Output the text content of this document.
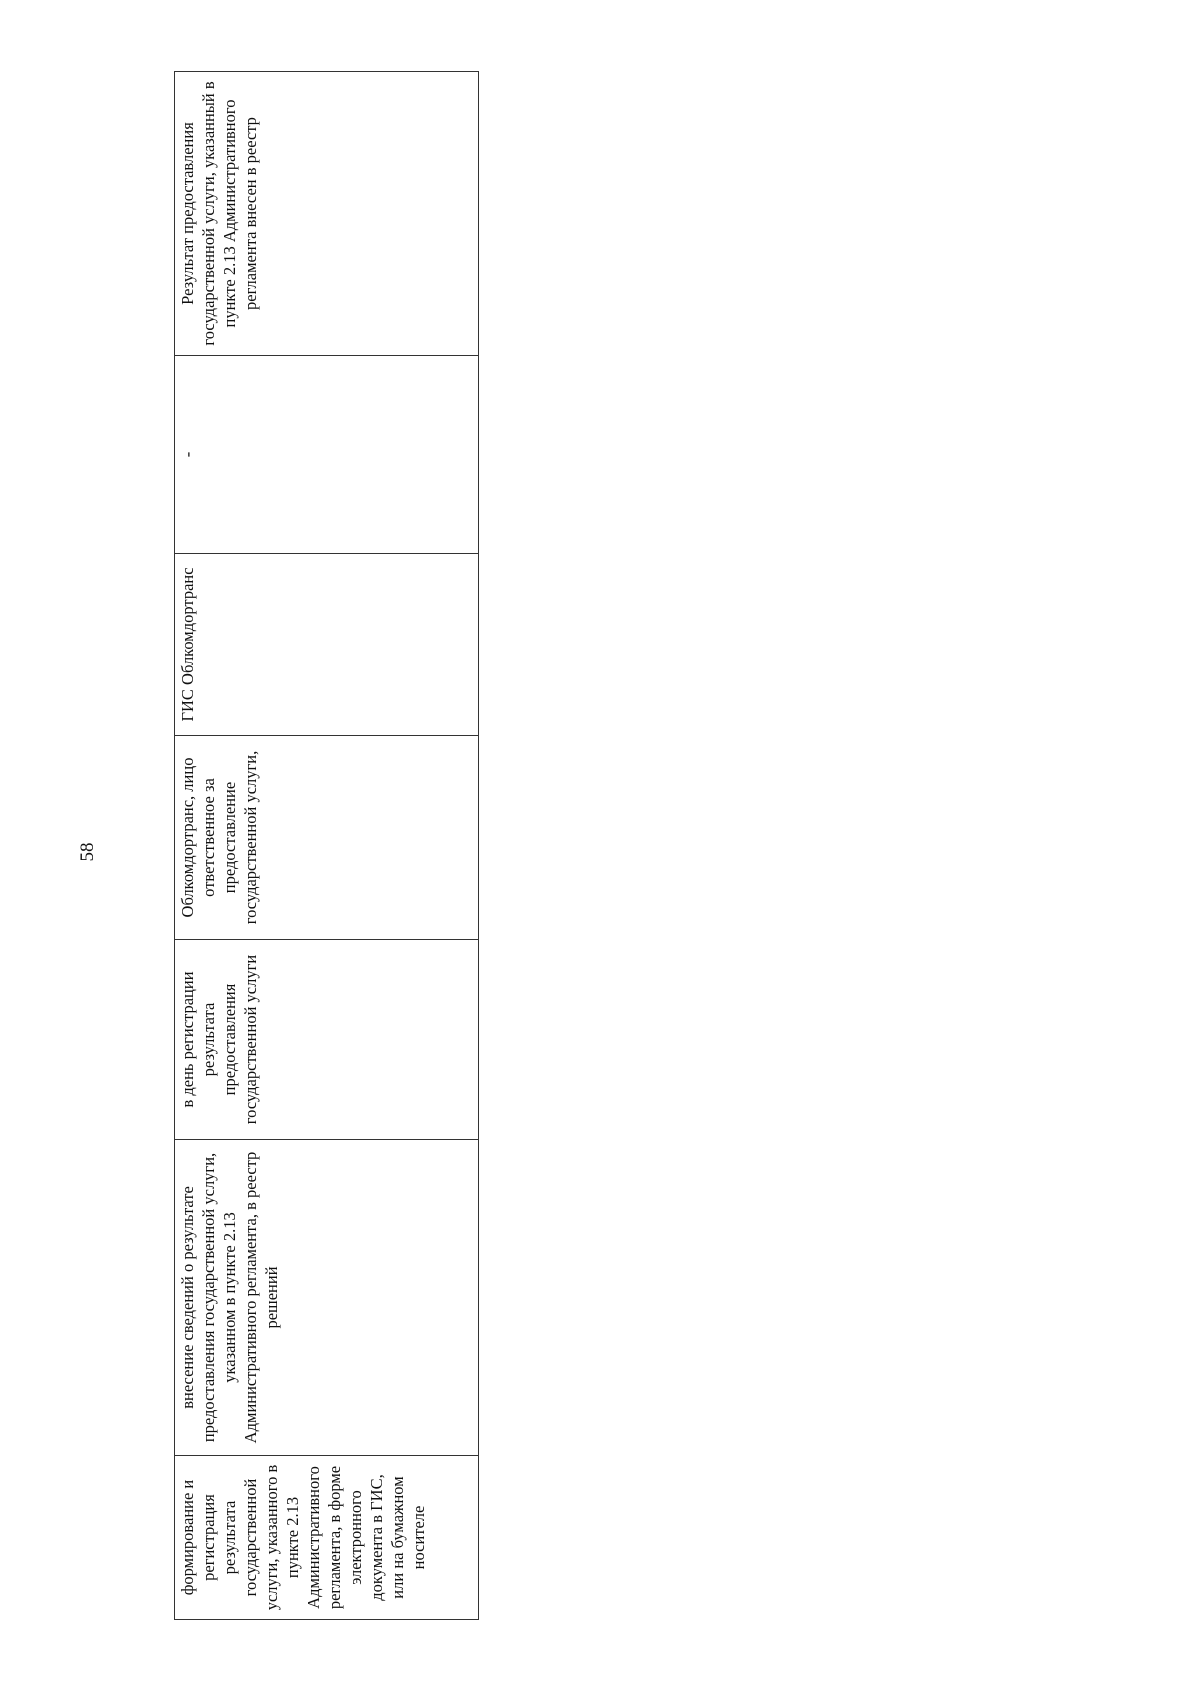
58
формирование и регистрация результата государственной услуги, указанного в пункте 2.13 Административного регламента, в форме электронного документа в ГИС, или на бумажном носителе	внесение сведений о результате предоставления государственной услуги, указанном в пункте 2.13 Административного регламента, в реестр решений	в день регистрации результата предоставления государственной услуги	Облкомдортранс, лицо ответственное за предоставление государственной услуги,	ГИС Облкомдортранс	-	Результат предоставления государственной услуги, указанный в пункте 2.13 Административного регламента внесен в реестр
